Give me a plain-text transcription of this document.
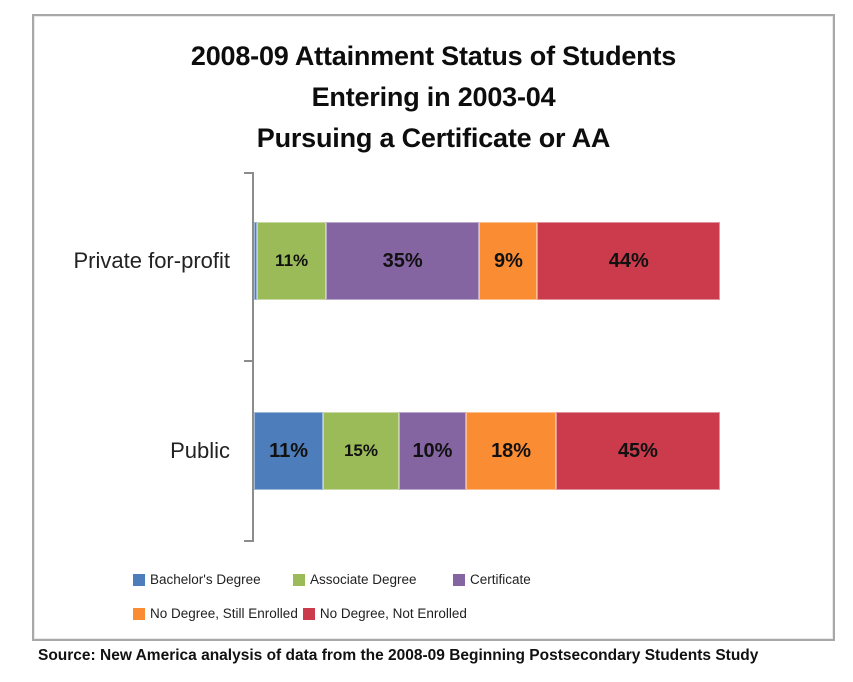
2008-09 Attainment Status of Students
Entering in 2003-04
Pursuing a Certificate or AA
Private for-profit
Public
11%	35%	9%	44%
11% 15% 10% 18%	45%
Bachelor's Degree	Associate Degree	Certificate
No Degree, Still Enrolled No Degree, Not Enrolled
Source: New America analysis of data from the 2008-09 Beginning Postsecondary Students Study
